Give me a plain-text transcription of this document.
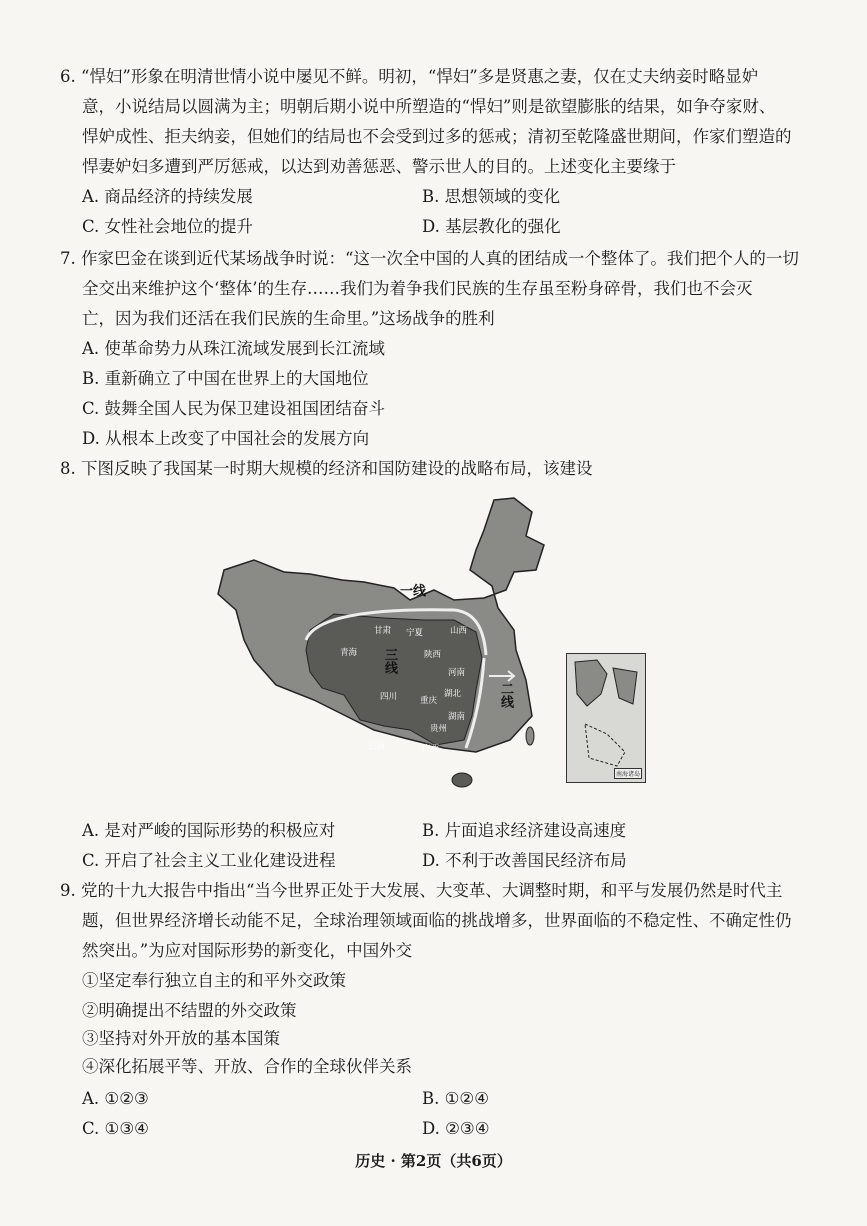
6. “悍妇”形象在明清世情小说中屡见不鲜。明初，“悍妇”多是贤惠之妻，仅在丈夫纳妾时略显妒

意，小说结局以圆满为主；明朝后期小说中所塑造的“悍妇”则是欲望膨胀的结果，如争夺家财、

悍妒成性、拒夫纳妾，但她们的结局也不会受到过多的惩戒；清初至乾隆盛世期间，作家们塑造的

悍妻妒妇多遭到严厉惩戒，以达到劝善惩恶、警示世人的目的。上述变化主要缘于

A. 商品经济的持续发展	B. 思想领域的变化
C. 女性社会地位的提升	D. 基层教化的强化

7. 作家巴金在谈到近代某场战争时说：“这一次全中国的人真的团结成一个整体了。我们把个人的一切

全交出来维护这个‘整体’的生存……我们为着争我们民族的生存虽至粉身碎骨，我们也不会灭

亡，因为我们还活在我们民族的生命里。”这场战争的胜利

A. 使革命势力从珠江流域发展到长江流域
B. 重新确立了中国在世界上的大国地位
C. 鼓舞全国人民为保卫建设祖国团结奋斗
D. 从根本上改变了中国社会的发展方向

8. 下图反映了我国某一时期大规模的经济和国防建设的战略布局，该建设

一线
三线
二线
甘肃 宁夏	山西
青海	陕西
河南
四川	湖北
重庆
湖南
贵州
云南	广西
南海诸岛
A. 是对严峻的国际形势的积极应对	B. 片面追求经济建设高速度
C. 开启了社会主义工业化建设进程	D. 不利于改善国民经济布局

9. 党的十九大报告中指出“当今世界正处于大发展、大变革、大调整时期，和平与发展仍然是时代主

题，但世界经济增长动能不足，全球治理领域面临的挑战增多，世界面临的不稳定性、不确定性仍

然突出。”为应对国际形势的新变化，中国外交

①坚定奉行独立自主的和平外交政策
②明确提出不结盟的外交政策
③坚持对外开放的基本国策
④深化拓展平等、开放、合作的全球伙伴关系
A. ①②③	B. ①②④
C. ①③④	D. ②③④
历史 · 第2页（共6页）
